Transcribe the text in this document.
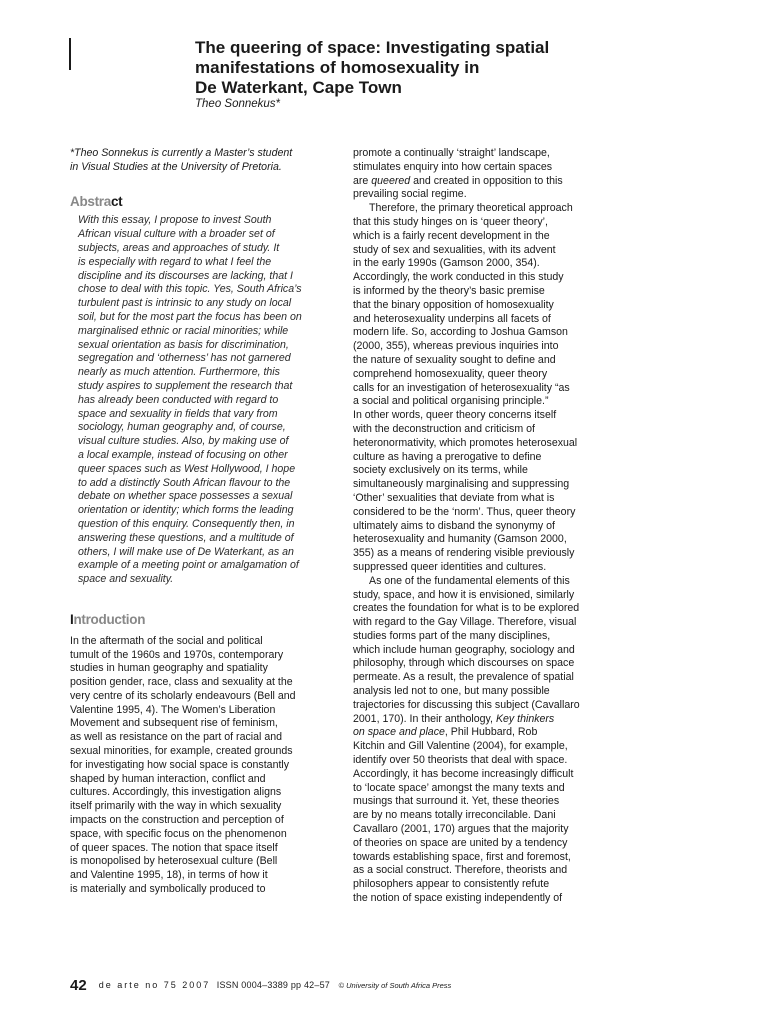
The queering of space: Investigating spatial
manifestations of homosexuality in
De Waterkant, Cape Town

Theo Sonnekus*

*Theo Sonnekus is currently a Master’s student
in Visual Studies at the University of Pretoria.
Abstract
With this essay, I propose to invest South
African visual culture with a broader set of
subjects, areas and approaches of study. It
is especially with regard to what I feel the
discipline and its discourses are lacking, that I
chose to deal with this topic. Yes, South Africa’s
turbulent past is intrinsic to any study on local
soil, but for the most part the focus has been on
marginalised ethnic or racial minorities; while
sexual orientation as basis for discrimination,
segregation and ‘otherness’ has not garnered
nearly as much attention. Furthermore, this
study aspires to supplement the research that
has already been conducted with regard to
space and sexuality in fields that vary from
sociology, human geography and, of course,
visual culture studies. Also, by making use of
a local example, instead of focusing on other
queer spaces such as West Hollywood, I hope
to add a distinctly South African flavour to the
debate on whether space possesses a sexual
orientation or identity; which forms the leading
question of this enquiry. Consequently then, in
answering these questions, and a multitude of
others, I will make use of De Waterkant, as an
example of a meeting point or amalgamation of
space and sexuality.
Introduction
In the aftermath of the social and political
tumult of the 1960s and 1970s, contemporary
studies in human geography and spatiality
position gender, race, class and sexuality at the
very centre of its scholarly endeavours (Bell and
Valentine 1995, 4). The Women’s Liberation
Movement and subsequent rise of feminism,
as well as resistance on the part of racial and
sexual minorities, for example, created grounds
for investigating how social space is constantly
shaped by human interaction, conflict and
cultures. Accordingly, this investigation aligns
itself primarily with the way in which sexuality
impacts on the construction and perception of
space, with specific focus on the phenomenon
of queer spaces. The notion that space itself
is monopolised by heterosexual culture (Bell
and Valentine 1995, 18), in terms of how it
is materially and symbolically produced to
promote a continually ‘straight’ landscape,
stimulates enquiry into how certain spaces
are queered and created in opposition to this
prevailing social regime.
Therefore, the primary theoretical approach
that this study hinges on is ‘queer theory’,
which is a fairly recent development in the
study of sex and sexualities, with its advent
in the early 1990s (Gamson 2000, 354).
Accordingly, the work conducted in this study
is informed by the theory’s basic premise
that the binary opposition of homosexuality
and heterosexuality underpins all facets of
modern life. So, according to Joshua Gamson
(2000, 355), whereas previous inquiries into
the nature of sexuality sought to define and
comprehend homosexuality, queer theory
calls for an investigation of heterosexuality “as
a social and political organising principle.”
In other words, queer theory concerns itself
with the deconstruction and criticism of
heteronormativity, which promotes heterosexual
culture as having a prerogative to define
society exclusively on its terms, while
simultaneously marginalising and suppressing
‘Other’ sexualities that deviate from what is
considered to be the ‘norm’. Thus, queer theory
ultimately aims to disband the synonymy of
heterosexuality and humanity (Gamson 2000,
355) as a means of rendering visible previously
suppressed queer identities and cultures.
As one of the fundamental elements of this
study, space, and how it is envisioned, similarly
creates the foundation for what is to be explored
with regard to the Gay Village. Therefore, visual
studies forms part of the many disciplines,
which include human geography, sociology and
philosophy, through which discourses on space
permeate. As a result, the prevalence of spatial
analysis led not to one, but many possible
trajectories for discussing this subject (Cavallaro
2001, 170). In their anthology, Key thinkers
on space and place, Phil Hubbard, Rob
Kitchin and Gill Valentine (2004), for example,
identify over 50 theorists that deal with space.
Accordingly, it has become increasingly difficult
to ‘locate space’ amongst the many texts and
musings that surround it. Yet, these theories
are by no means totally irreconcilable. Dani
Cavallaro (2001, 170) argues that the majority
of theories on space are united by a tendency
towards establishing space, first and foremost,
as a social construct. Therefore, theorists and
philosophers appear to consistently refute
the notion of space existing independently of
42 de arte no 75 2007 ISSN 0004–3389 pp 42–57 © University of South Africa Press
